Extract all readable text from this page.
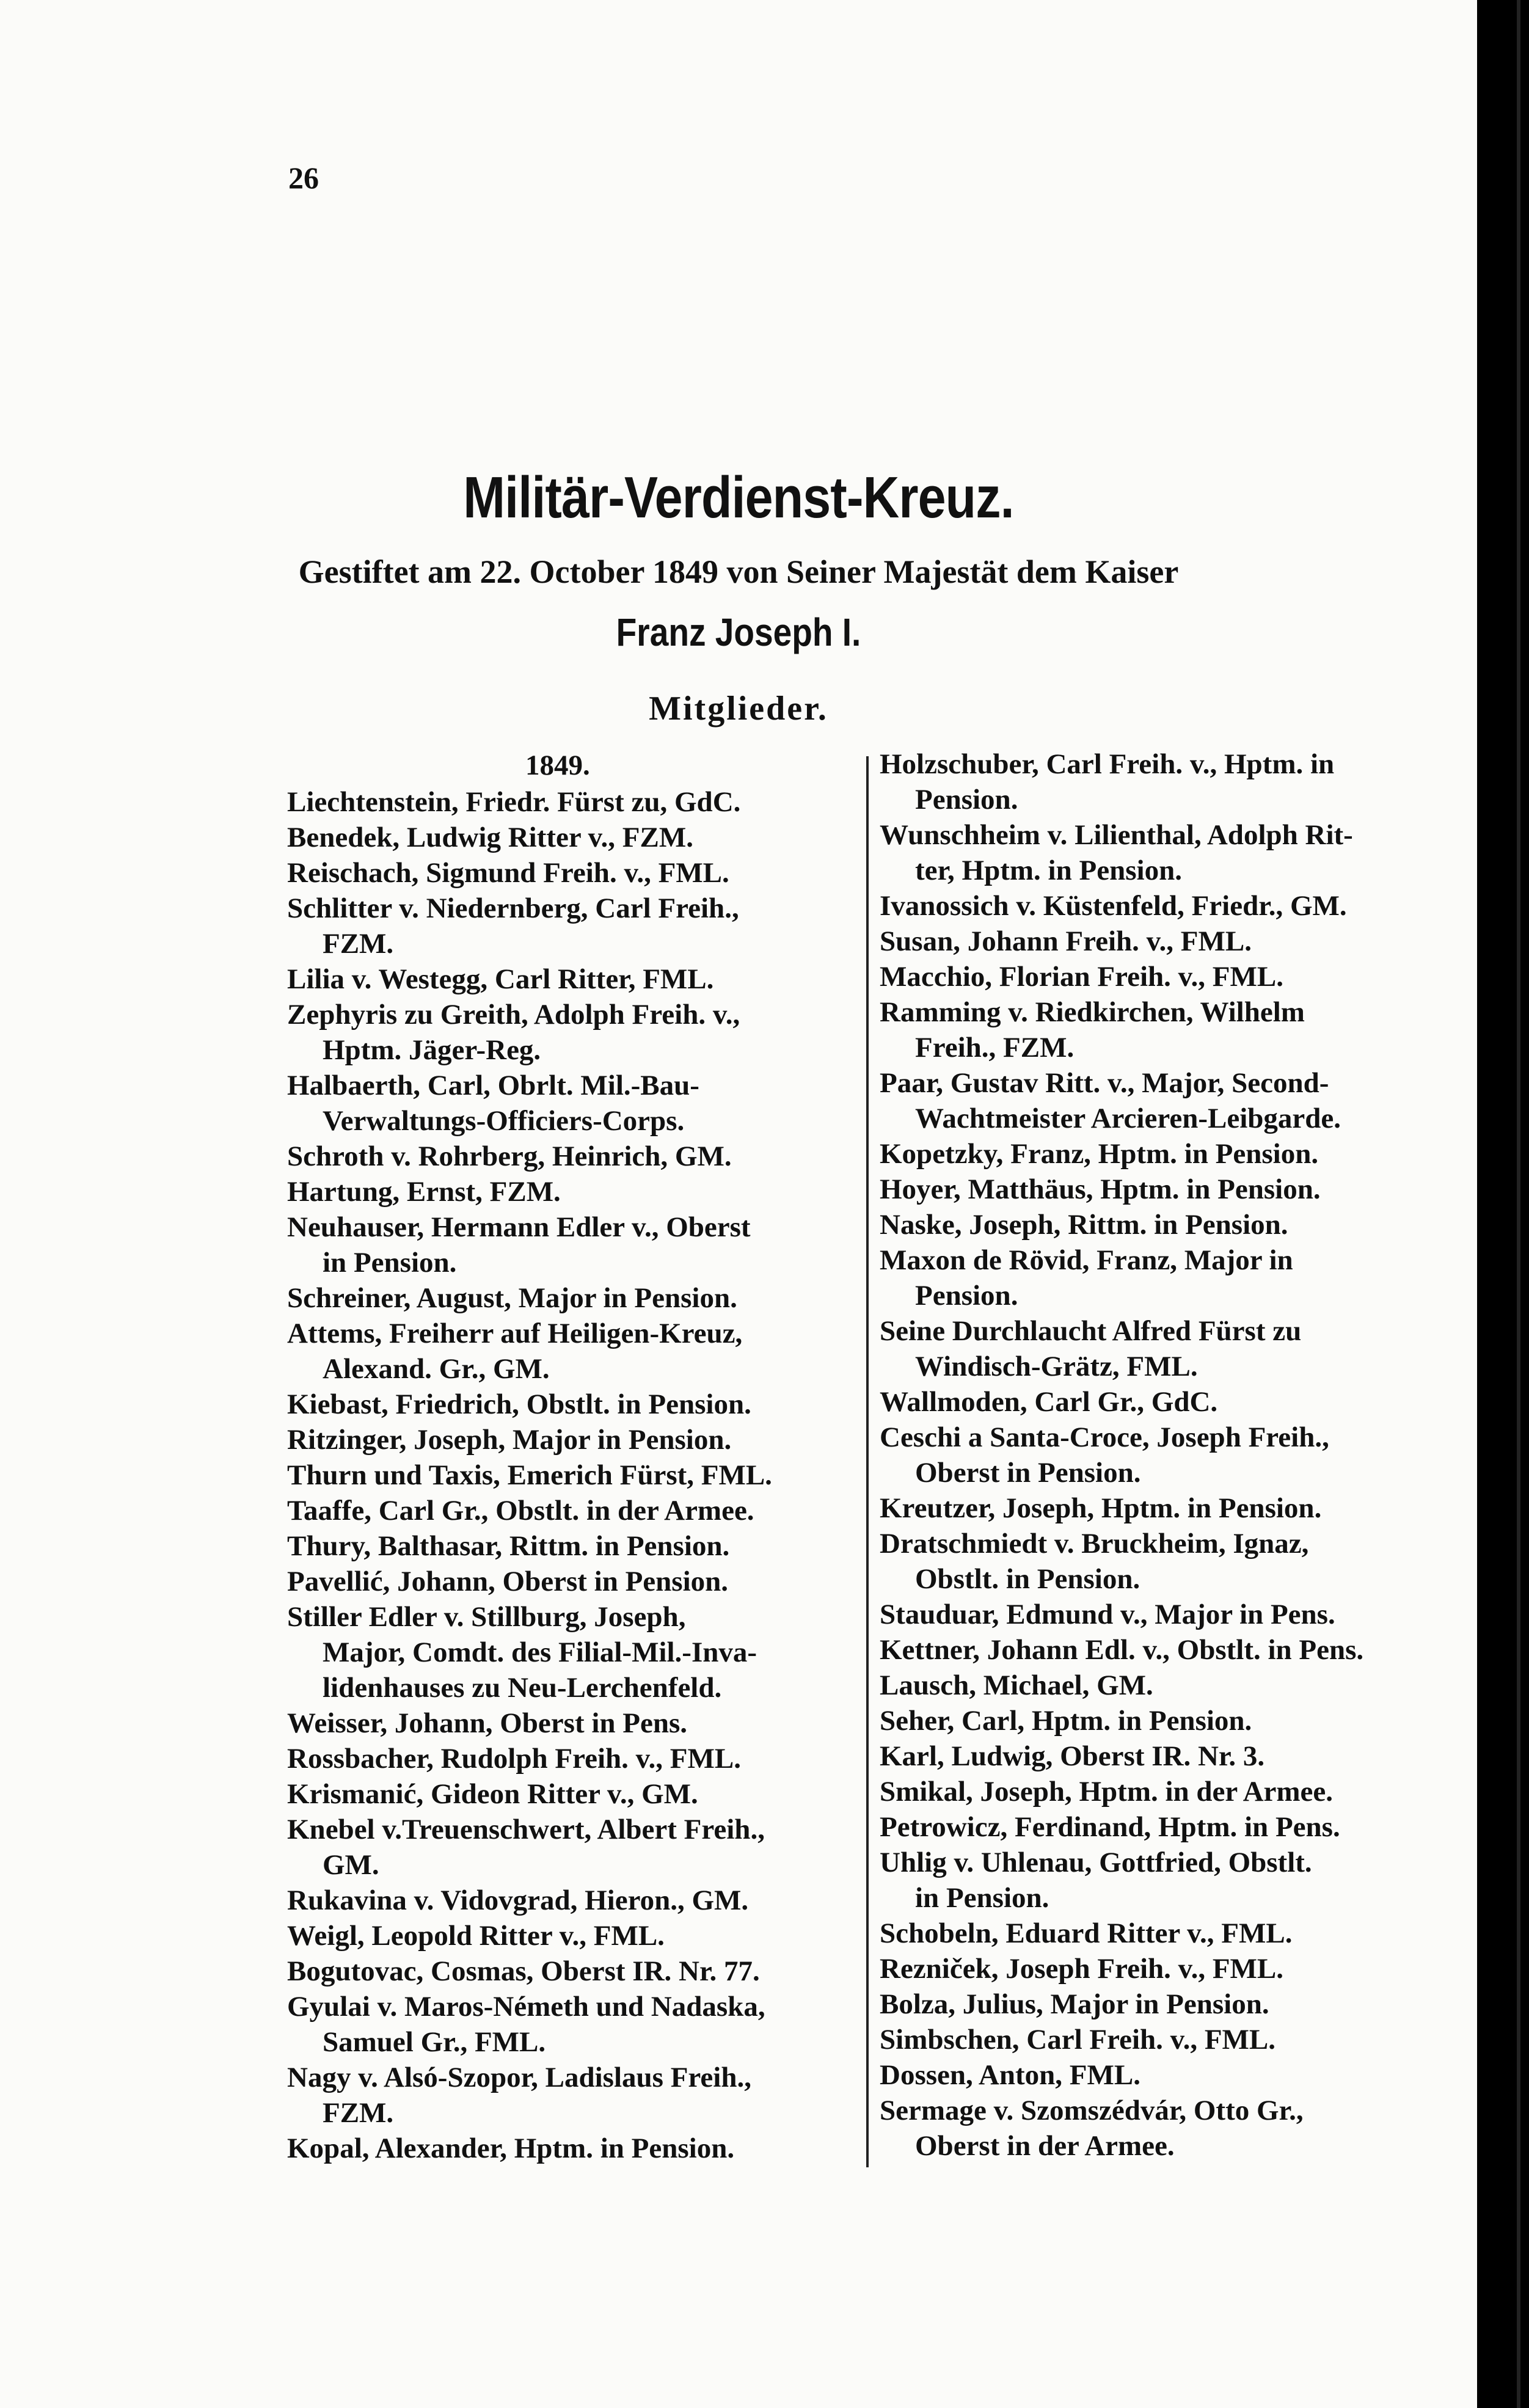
26
Militär-Verdienst-Kreuz.
Gestiftet am 22. October 1849 von Seiner Majestät dem Kaiser
Franz Joseph I.
Mitglieder.
1849.
Liechtenstein, Friedr. Fürst zu, GdC.
Benedek, Ludwig Ritter v., FZM.
Reischach, Sigmund Freih. v., FML.
Schlitter v. Niedernberg, Carl Freih.,
FZM.
Lilia v. Westegg, Carl Ritter, FML.
Zephyris zu Greith, Adolph Freih. v.,
Hptm. Jäger-Reg.
Halbaerth, Carl, Obrlt. Mil.-Bau-
Verwaltungs-Officiers-Corps.
Schroth v. Rohrberg, Heinrich, GM.
Hartung, Ernst, FZM.
Neuhauser, Hermann Edler v., Oberst
in Pension.
Schreiner, August, Major in Pension.
Attems, Freiherr auf Heiligen-Kreuz,
Alexand. Gr., GM.
Kiebast, Friedrich, Obstlt. in Pension.
Ritzinger, Joseph, Major in Pension.
Thurn und Taxis, Emerich Fürst, FML.
Taaffe, Carl Gr., Obstlt. in der Armee.
Thury, Balthasar, Rittm. in Pension.
Pavellić, Johann, Oberst in Pension.
Stiller Edler v. Stillburg, Joseph,
Major, Comdt. des Filial-Mil.-Inva-
lidenhauses zu Neu-Lerchenfeld.
Weisser, Johann, Oberst in Pens.
Rossbacher, Rudolph Freih. v., FML.
Krismanić, Gideon Ritter v., GM.
Knebel v.Treuenschwert, Albert Freih.,
GM.
Rukavina v. Vidovgrad, Hieron., GM.
Weigl, Leopold Ritter v., FML.
Bogutovac, Cosmas, Oberst IR. Nr. 77.
Gyulai v. Maros-Németh und Nadaska,
Samuel Gr., FML.
Nagy v. Alsó-Szopor, Ladislaus Freih.,
FZM.
Kopal, Alexander, Hptm. in Pension.
Holzschuber, Carl Freih. v., Hptm. in
Pension.
Wunschheim v. Lilienthal, Adolph Rit-
ter, Hptm. in Pension.
Ivanossich v. Küstenfeld, Friedr., GM.
Susan, Johann Freih. v., FML.
Macchio, Florian Freih. v., FML.
Ramming v. Riedkirchen, Wilhelm
Freih., FZM.
Paar, Gustav Ritt. v., Major, Second-
Wachtmeister Arcieren-Leibgarde.
Kopetzky, Franz, Hptm. in Pension.
Hoyer, Matthäus, Hptm. in Pension.
Naske, Joseph, Rittm. in Pension.
Maxon de Rövid, Franz, Major in
Pension.
Seine Durchlaucht Alfred Fürst zu
Windisch-Grätz, FML.
Wallmoden, Carl Gr., GdC.
Ceschi a Santa-Croce, Joseph Freih.,
Oberst in Pension.
Kreutzer, Joseph, Hptm. in Pension.
Dratschmiedt v. Bruckheim, Ignaz,
Obstlt. in Pension.
Stauduar, Edmund v., Major in Pens.
Kettner, Johann Edl. v., Obstlt. in Pens.
Lausch, Michael, GM.
Seher, Carl, Hptm. in Pension.
Karl, Ludwig, Oberst IR. Nr. 3.
Smikal, Joseph, Hptm. in der Armee.
Petrowicz, Ferdinand, Hptm. in Pens.
Uhlig v. Uhlenau, Gottfried, Obstlt.
in Pension.
Schobeln, Eduard Ritter v., FML.
Rezniček, Joseph Freih. v., FML.
Bolza, Julius, Major in Pension.
Simbschen, Carl Freih. v., FML.
Dossen, Anton, FML.
Sermage v. Szomszédvár, Otto Gr.,
Oberst in der Armee.
